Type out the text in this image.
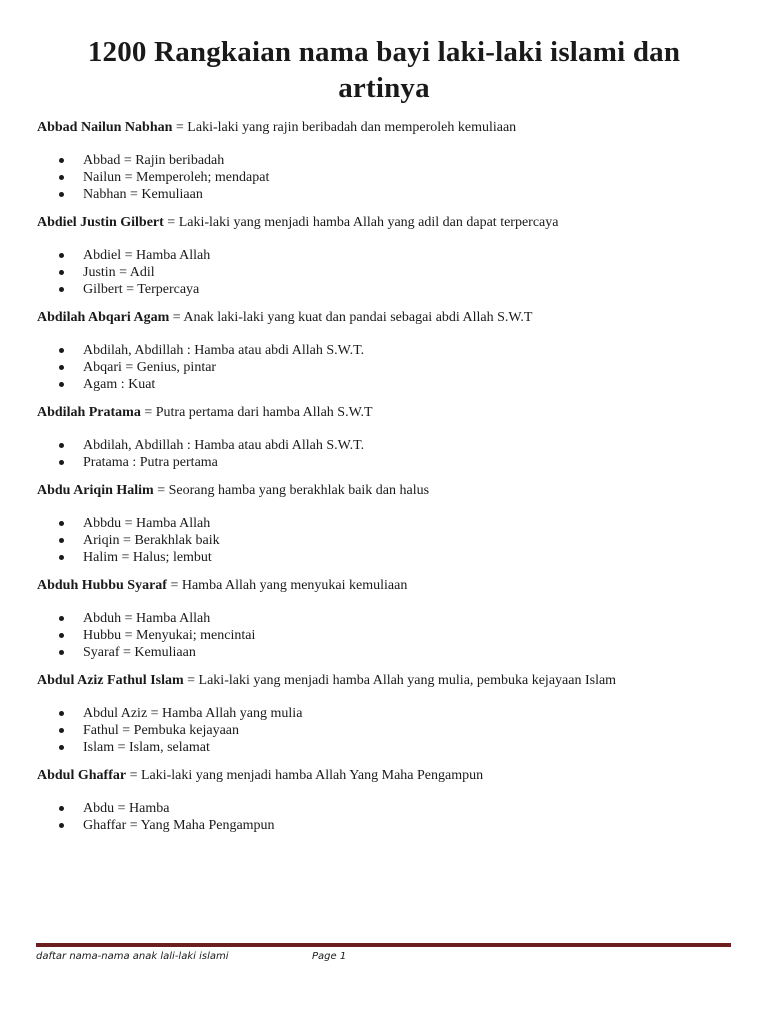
1200 Rangkaian nama bayi laki-laki islami dan artinya
Abbad Nailun Nabhan = Laki-laki yang rajin beribadah dan memperoleh kemuliaan
Abbad = Rajin beribadah
Nailun = Memperoleh; mendapat
Nabhan = Kemuliaan
Abdiel Justin Gilbert = Laki-laki yang menjadi hamba Allah yang adil dan dapat terpercaya
Abdiel = Hamba Allah
Justin = Adil
Gilbert = Terpercaya
Abdilah Abqari Agam = Anak laki-laki yang kuat dan pandai sebagai abdi Allah S.W.T
Abdilah, Abdillah : Hamba atau abdi Allah S.W.T.
Abqari = Genius, pintar
Agam : Kuat
Abdilah Pratama = Putra pertama dari hamba Allah S.W.T
Abdilah, Abdillah : Hamba atau abdi Allah S.W.T.
Pratama : Putra pertama
Abdu Ariqin Halim = Seorang hamba yang berakhlak baik dan halus
Abbdu = Hamba Allah
Ariqin = Berakhlak baik
Halim = Halus; lembut
Abduh Hubbu Syaraf = Hamba Allah yang menyukai kemuliaan
Abduh = Hamba Allah
Hubbu = Menyukai; mencintai
Syaraf = Kemuliaan
Abdul Aziz Fathul Islam = Laki-laki yang menjadi hamba Allah yang mulia, pembuka kejayaan Islam
Abdul Aziz = Hamba Allah yang mulia
Fathul = Pembuka kejayaan
Islam = Islam, selamat
Abdul Ghaffar = Laki-laki yang menjadi hamba Allah Yang Maha Pengampun
Abdu = Hamba
Ghaffar = Yang Maha Pengampun
daftar nama-nama anak lali-laki islami	Page 1
